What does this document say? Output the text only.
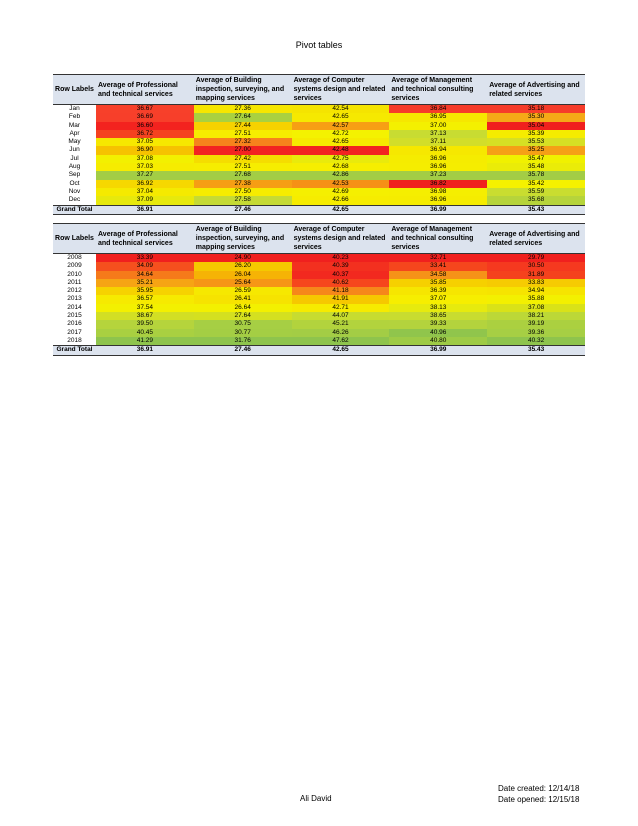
Pivot tables
Row Labels	Average of Professional and technical services	Average of Building inspection, surveying, and mapping services	Average of Computer systems design and related services	Average of Management and technical consulting services	Average of Advertising and related services
Jan	36.67	27.36	42.54	36.84	35.18
Feb	36.69	27.64	42.65	36.95	35.30
Mar	36.60	27.44	42.57	37.00	35.04
Apr	36.72	27.51	42.72	37.13	35.39
May	37.05	27.32	42.65	37.11	35.53
Jun	36.90	27.00	42.48	36.94	35.25
Jul	37.08	27.42	42.75	36.96	35.47
Aug	37.03	27.51	42.68	36.96	35.48
Sep	37.27	27.68	42.86	37.23	35.78
Oct	36.92	27.38	42.53	36.82	35.42
Nov	37.04	27.50	42.69	36.98	35.59
Dec	37.09	27.58	42.66	36.96	35.68
Grand Total	36.91	27.46	42.65	36.99	35.43
Row Labels	Average of Professional and technical services	Average of Building inspection, surveying, and mapping services	Average of Computer systems design and related services	Average of Management and technical consulting services	Average of Advertising and related services
2008	33.39	24.90	40.23	32.71	29.79
2009	34.09	26.20	40.39	33.41	30.50
2010	34.64	26.04	40.37	34.58	31.89
2011	35.21	25.64	40.62	35.85	33.83
2012	35.95	26.59	41.18	36.39	34.94
2013	36.57	26.41	41.91	37.07	35.88
2014	37.54	26.64	42.71	38.13	37.08
2015	38.67	27.64	44.07	38.65	38.21
2016	39.50	30.75	45.21	39.33	39.19
2017	40.45	30.77	46.26	40.96	39.36
2018	41.29	31.76	47.62	40.80	40.32
Grand Total	36.91	27.46	42.65	36.99	35.43
Ali David
Date created: 12/14/18
Date opened: 12/15/18
